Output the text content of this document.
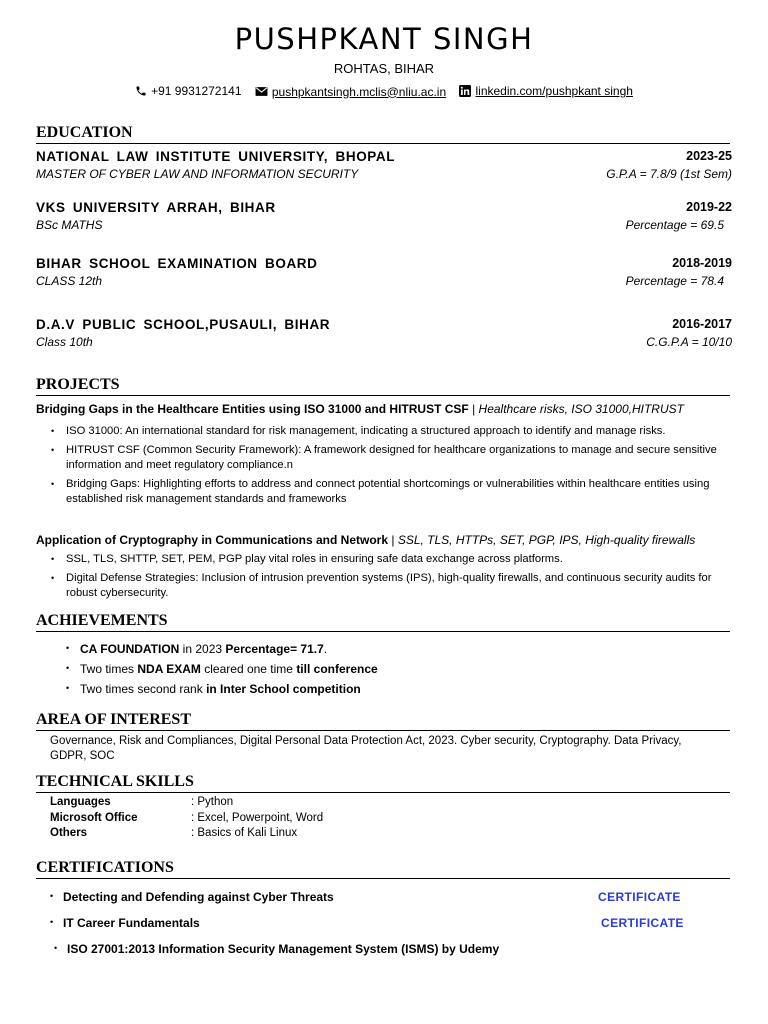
PUSHPKANT SINGH
ROHTAS, BIHAR
+91 9931272141
	pushpkantsingh.mclis@nliu.ac.in
linkedin.com/pushpkant singh
EDUCATION
NATIONAL LAW INSTITUTE UNIVERSITY, BHOPAL	2023-25
MASTER OF CYBER LAW AND INFORMATION SECURITY	G.P.A = 7.8/9 (1st Sem)
VKS UNIVERSITY ARRAH, BIHAR	2019-22
BSc MATHS	Percentage = 69.5
BIHAR SCHOOL EXAMINATION BOARD	2018-2019
CLASS 12th	Percentage = 78.4
D.A.V PUBLIC SCHOOL,PUSAULI, BIHAR	2016-2017
Class 10th	C.G.P.A = 10/10
PROJECTS
Bridging Gaps in the Healthcare Entities using ISO 31000 and HITRUST CSF | Healthcare risks, ISO 31000,HITRUST
• ISO 31000: An international standard for risk management, indicating a structured approach to identify and manage risks.
• HITRUST CSF (Common Security Framework): A framework designed for healthcare organizations to manage and secure sensitive information and meet regulatory compliance.n
• Bridging Gaps: Highlighting efforts to address and connect potential shortcomings or vulnerabilities within healthcare entities using established risk management standards and frameworks
Application of Cryptography in Communications and Network | SSL, TLS, HTTPs, SET, PGP, IPS, High-quality firewalls
• SSL, TLS, SHTTP, SET, PEM, PGP play vital roles in ensuring safe data exchange across platforms.
• Digital Defense Strategies: Inclusion of intrusion prevention systems (IPS), high-quality firewalls, and continuous security audits for robust cybersecurity.
ACHIEVEMENTS
• CA FOUNDATION in 2023 Percentage= 71.7.
• Two times NDA EXAM cleared one time till conference
• Two times second rank in Inter School competition
AREA OF INTEREST
Governance, Risk and Compliances, Digital Personal Data Protection Act, 2023. Cyber security, Cryptography. Data Privacy, GDPR, SOC
TECHNICAL SKILLS
Languages	: Python
Microsoft Office	: Excel, Powerpoint, Word
Others	: Basics of Kali Linux
CERTIFICATIONS
• Detecting and Defending against Cyber Threats	CERTIFICATE
• IT Career Fundamentals	CERTIFICATE
• ISO 27001:2013 Information Security Management System (ISMS) by Udemy
